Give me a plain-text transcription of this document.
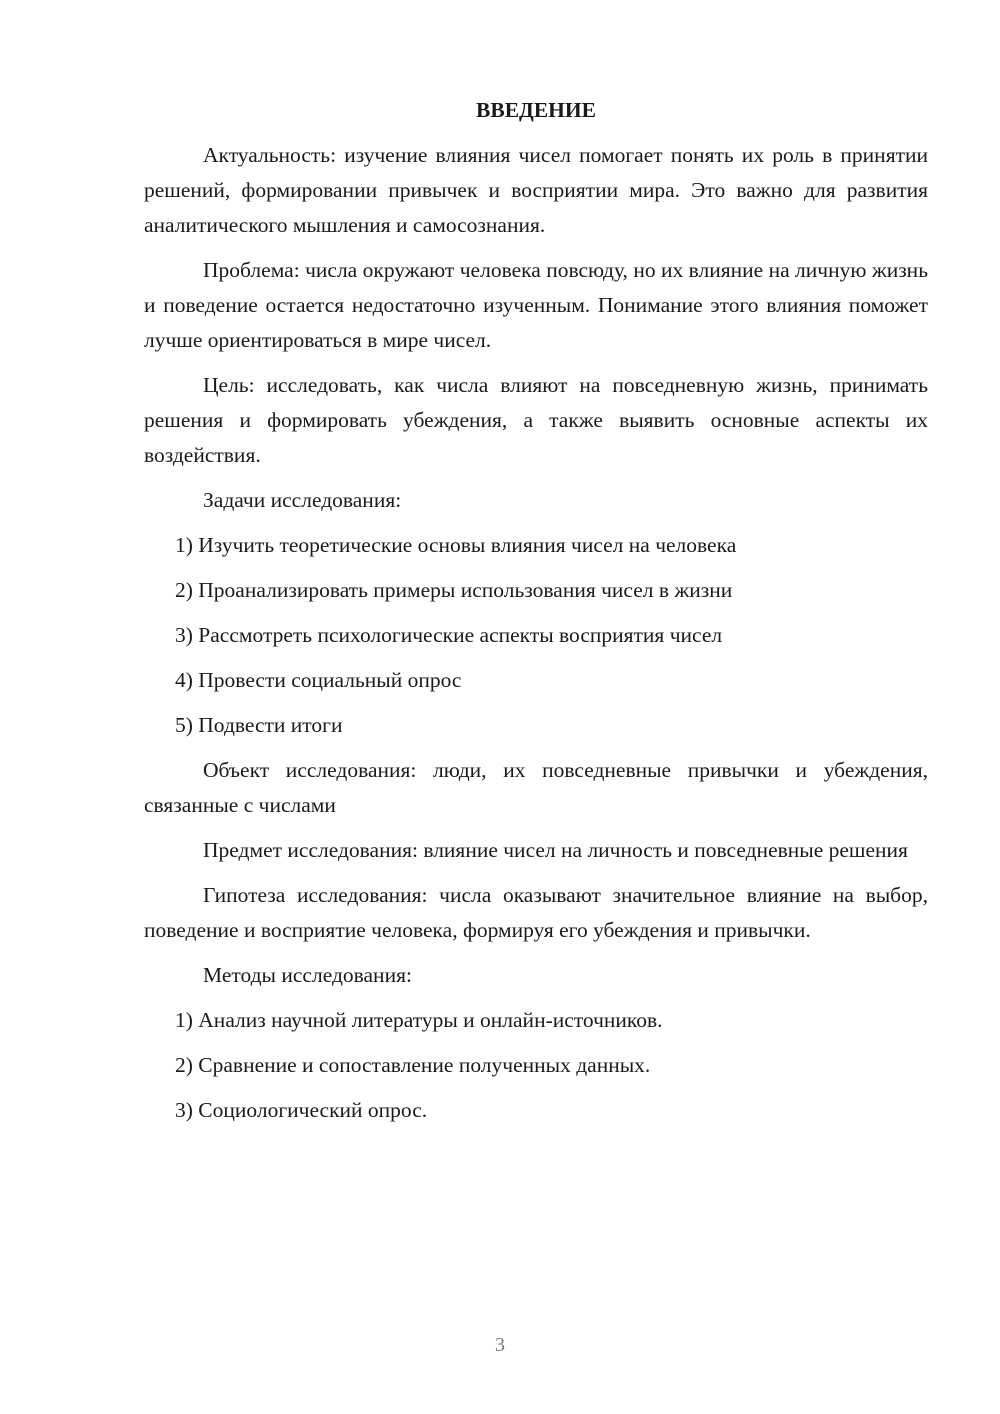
ВВЕДЕНИЕ
Актуальность: изучение влияния чисел помогает понять их роль в принятии решений, формировании привычек и восприятии мира. Это важно для развития аналитического мышления и самосознания.
Проблема: числа окружают человека повсюду, но их влияние на личную жизнь и поведение остается недостаточно изученным. Понимание этого влияния поможет лучше ориентироваться в мире чисел.
Цель: исследовать, как числа влияют на повседневную жизнь, принимать решения и формировать убеждения, а также выявить основные аспекты их воздействия.
Задачи исследования:
1) Изучить теоретические основы влияния чисел на человека
2) Проанализировать примеры использования чисел в жизни
3) Рассмотреть психологические аспекты восприятия чисел
4) Провести социальный опрос
5) Подвести итоги
Объект исследования: люди, их повседневные привычки и убеждения, связанные с числами
Предмет исследования: влияние чисел на личность и повседневные решения
Гипотеза исследования: числа оказывают значительное влияние на выбор, поведение и восприятие человека, формируя его убеждения и привычки.
Методы исследования:
1) Анализ научной литературы и онлайн-источников.
2) Сравнение и сопоставление полученных данных.
3) Социологический опрос.
3
